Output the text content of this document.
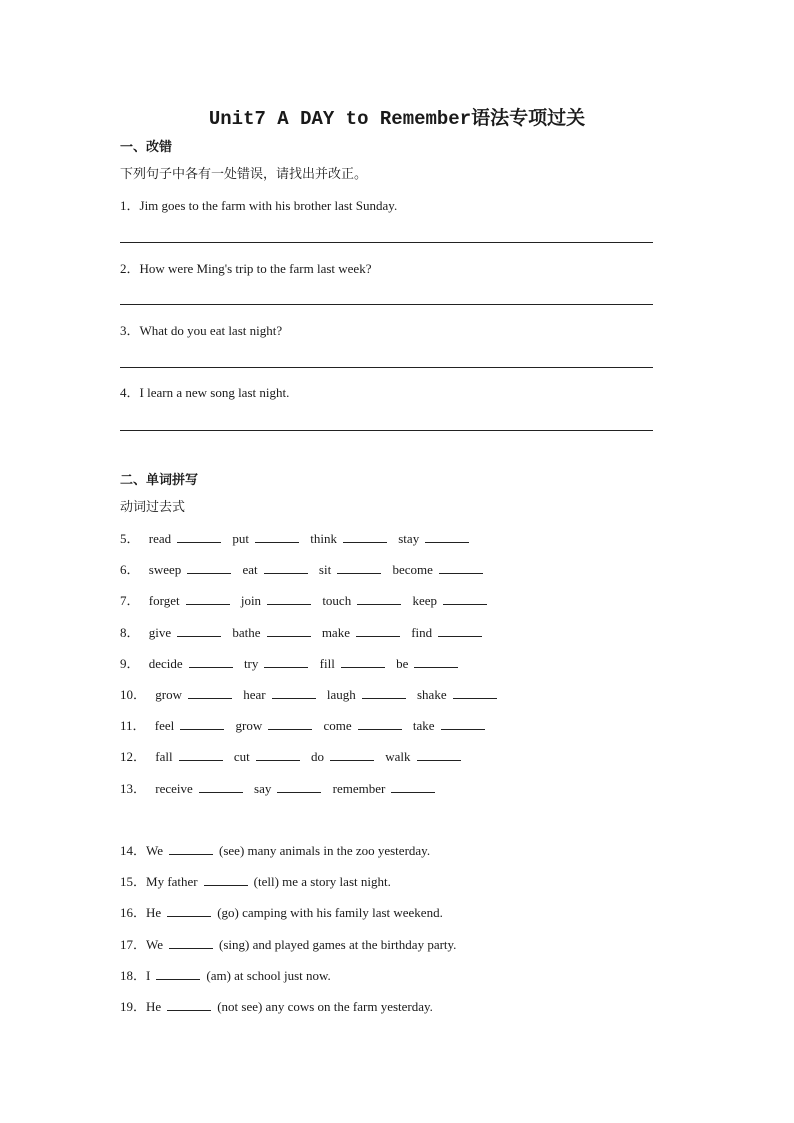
Unit7 A DAY to Remember语法专项过关
一、改错
下列句子中各有一处错误，请找出并改正。
1．Jim goes to the farm with his brother last Sunday.
2．How were Ming's trip to the farm last week?
3．What do you eat last night?
4．I learn a new song last night.
二、单词拼写
动词过去式
5． read	put	think	stay
6． sweep	eat	sit	become
7． forget	join	touch	keep
8． give	bathe	make	find
9． decide	try	fill	be
10． grow	hear	laugh	shake
11． feel	grow	come	take
12． fall	cut	do	walk
13． receive	say	remember
14．We	(see) many animals in the zoo yesterday.
15．My father	(tell) me a story last night.
16．He	(go) camping with his family last weekend.
17．We	(sing) and played games at the birthday party.
18．I	(am) at school just now.
19．He	(not see) any cows on the farm yesterday.
